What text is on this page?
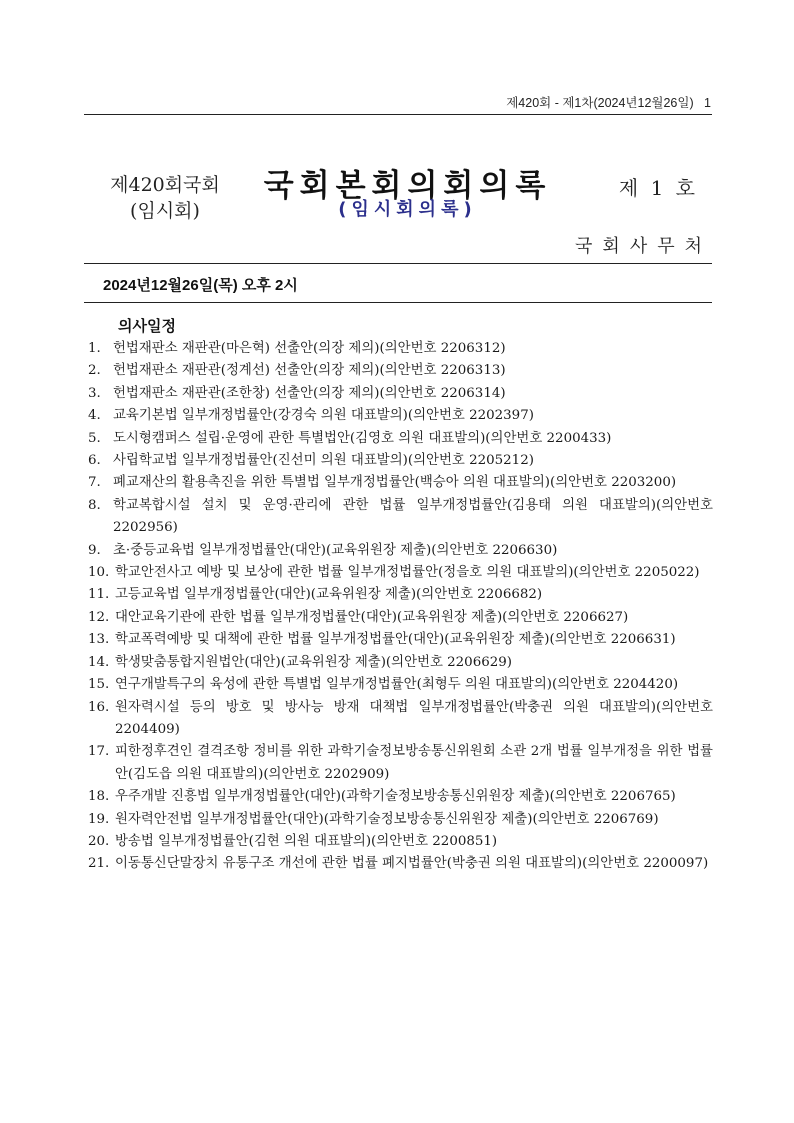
제420회 - 제1차(2024년12월26일)   1
제420회국회
(임시회)
국회본회의회의록
(임시회의록)
제 1 호
국회사무처
2024년12월26일(목) 오후 2시
의사일정
1. 헌법재판소 재판관(마은혁) 선출안(의장 제의)(의안번호 2206312)
2. 헌법재판소 재판관(정계선) 선출안(의장 제의)(의안번호 2206313)
3. 헌법재판소 재판관(조한창) 선출안(의장 제의)(의안번호 2206314)
4. 교육기본법 일부개정법률안(강경숙 의원 대표발의)(의안번호 2202397)
5. 도시형캠퍼스 설립·운영에 관한 특별법안(김영호 의원 대표발의)(의안번호 2200433)
6. 사립학교법 일부개정법률안(진선미 의원 대표발의)(의안번호 2205212)
7. 폐교재산의 활용촉진을 위한 특별법 일부개정법률안(백승아 의원 대표발의)(의안번호 2203200)
8. 학교복합시설 설치 및 운영·관리에 관한 법률 일부개정법률안(김용태 의원 대표발의)(의안번호 2202956)
9. 초·중등교육법 일부개정법률안(대안)(교육위원장 제출)(의안번호 2206630)
10. 학교안전사고 예방 및 보상에 관한 법률 일부개정법률안(정을호 의원 대표발의)(의안번호 2205022)
11. 고등교육법 일부개정법률안(대안)(교육위원장 제출)(의안번호 2206682)
12. 대안교육기관에 관한 법률 일부개정법률안(대안)(교육위원장 제출)(의안번호 2206627)
13. 학교폭력예방 및 대책에 관한 법률 일부개정법률안(대안)(교육위원장 제출)(의안번호 2206631)
14. 학생맞춤통합지원법안(대안)(교육위원장 제출)(의안번호 2206629)
15. 연구개발특구의 육성에 관한 특별법 일부개정법률안(최형두 의원 대표발의)(의안번호 2204420)
16. 원자력시설 등의 방호 및 방사능 방재 대책법 일부개정법률안(박충권 의원 대표발의)(의안번호 2204409)
17. 피한정후견인 결격조항 정비를 위한 과학기술정보방송통신위원회 소관 2개 법률 일부개정을 위한 법률안(김도읍 의원 대표발의)(의안번호 2202909)
18. 우주개발 진흥법 일부개정법률안(대안)(과학기술정보방송통신위원장 제출)(의안번호 2206765)
19. 원자력안전법 일부개정법률안(대안)(과학기술정보방송통신위원장 제출)(의안번호 2206769)
20. 방송법 일부개정법률안(김현 의원 대표발의)(의안번호 2200851)
21. 이동통신단말장치 유통구조 개선에 관한 법률 폐지법률안(박충권 의원 대표발의)(의안번호 2200097)
